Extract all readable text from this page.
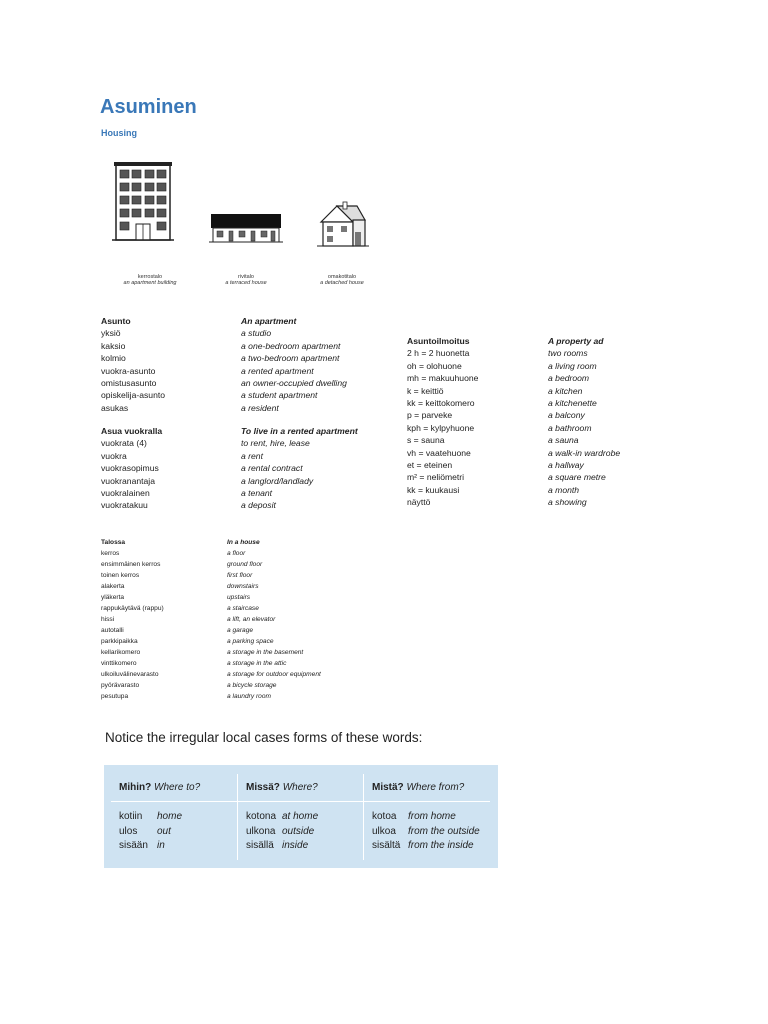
Asuminen
Housing
kerrostalo
an apartment building
rivitalo
a terraced house
omakotitalo
a detached house
Asunto
yksiö
kaksio
kolmio
vuokra-asunto
omistusasunto
opiskelija-asunto
asukas
An apartment
a studio
a one-bedroom apartment
a two-bedroom apartment
a rented apartment
an owner-occupied dwelling
a student apartment
a resident
Asua vuokralla
vuokrata (4)
vuokra
vuokrasopimus
vuokranantaja
vuokralainen
vuokratakuu
To live in a rented apartment
to rent, hire, lease
a rent
a rental contract
a langlord/landlady
a tenant
a deposit
Asuntoilmoitus
2 h = 2 huonetta
oh = olohuone
mh = makuuhuone
k = keittiö
kk = keittokomero
p = parveke
kph = kylpyhuone
s = sauna
vh = vaatehuone
et = eteinen
m² = neliömetri
kk = kuukausi
näyttö
A property ad
two rooms
a living room
a bedroom
a kitchen
a kitchenette
a balcony
a bathroom
a sauna
a walk-in wardrobe
a hallway
a square metre
a month
a showing
Talossa
kerros
ensimmäinen kerros
toinen kerros
alakerta
yläkerta
rappukäytävä (rappu)
hissi
autotalli
parkkipaikka
kellarikomero
vinttikomero
ulkoiluvälinevarasto
pyörävarasto
pesutupa
In a house
a floor
ground floor
first floor
downstairs
upstairs
a staircase
a lift, an elevator
a garage
a parking space
a storage in the basement
a storage in the attic
a storage for outdoor equipment
a bicycle storage
a laundry room
Notice the irregular local cases forms of these words:
Mihin? Where to?
kotiin home
ulos out
sisään in
Missä? Where?
kotona at home
ulkona outside
sisällä inside
Mistä? Where from?
kotoa from home
ulkoa from the outside
sisältä from the inside
